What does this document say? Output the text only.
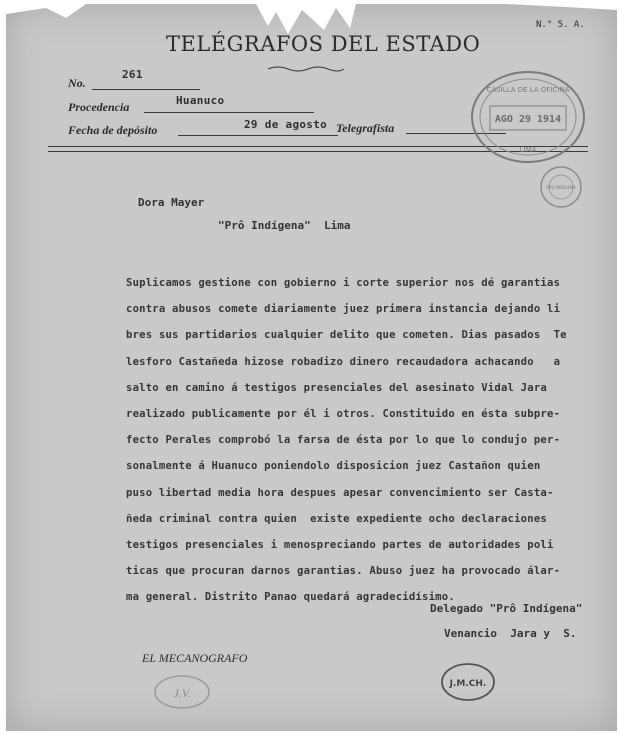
N.° 5. A.
TELÉGRAFOS DEL ESTADO
No.
261
Procedencia	Huanuco
Fecha de depósito	29 de agosto Telegrafista
CASILLA DE LA OFICINA
AGO 29 1914
LIMA
PRO INDIGENA
Dora Mayer
"Prô Indígena"  Lima
Suplicamos gestione con gobierno i corte superior nos dé garantias
contra abusos comete diariamente juez primera instancia dejando li
bres sus partidarios cualquier delito que cometen. Dias pasados  Te
lesforo Castañeda hizose robadizo dinero recaudadora achacando   a
salto en camino á testigos presenciales del asesinato Vidal Jara
realizado publicamente por él i otros. Constituido en ésta subpre-
fecto Perales comprobó la farsa de ésta por lo que lo condujo per-
sonalmente á Huanuco poniendolo disposicion juez Castañon quien
puso libertad media hora despues apesar convencimiento ser Casta-
ñeda criminal contra quien  existe expediente ocho declaraciones
testigos presenciales i menospreciando partes de autoridades poli
ticas que procuran darnos garantias. Abuso juez ha provocado álar-
ma general. Distrito Panao quedará agradecidísimo.
Delegado "Prô Indígena"
Venancio  Jara y  S.
EL MECANOGRAFO
J.V.
J.M.CH.
